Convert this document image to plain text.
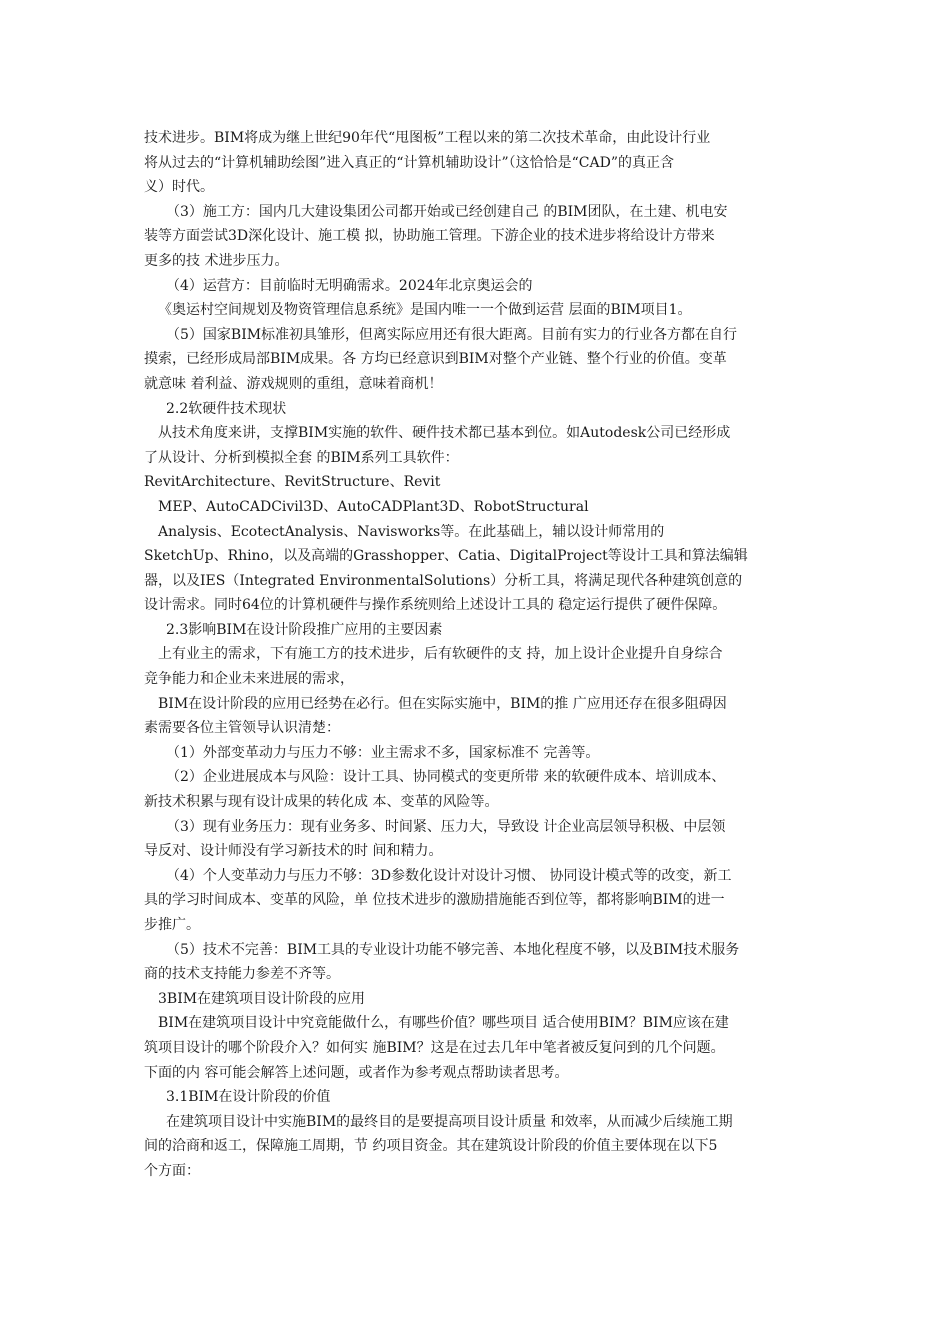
技术进步。BIM将成为继上世纪90年代“甩图板”工程以来的第二次技术革命，由此设计行业
将从过去的“计算机辅助绘图”进入真正的“计算机辅助设计”（这恰恰是“CAD”的真正含
义）时代。
（3）施工方：国内几大建设集团公司都开始或已经创建自己 的BIM团队，在土建、机电安
装等方面尝试3D深化设计、施工模 拟，协助施工管理。下游企业的技术进步将给设计方带来
更多的技 术进步压力。
（4）运营方：目前临时无明确需求。2024年北京奥运会的
《奥运村空间规划及物资管理信息系统》是国内唯一一个做到运营 层面的BIM项目1。
（5）国家BIM标准初具雏形，但离实际应用还有很大距离。目前有实力的行业各方都在自行
摸索，已经形成局部BIM成果。各 方均已经意识到BIM对整个产业链、整个行业的价值。变革
就意味 着利益、游戏规则的重组，意味着商机！
2.2软硬件技术现状
从技术角度来讲，支撑BIM实施的软件、硬件技术都已基本到位。如Autodesk公司已经形成
了从设计、分析到模拟全套 的BIM系列工具软件：
RevitArchitecture、RevitStructure、Revit
MEP、AutoCADCivil3D、AutoCADPlant3D、RobotStructural
Analysis、EcotectAnalysis、Navisworks等。在此基础上，辅以设计师常用的
SketchUp、Rhino，以及高端的Grasshopper、Catia、DigitalProject等设计工具和算法编辑
器，以及IES（Integrated EnvironmentalSolutions）分析工具，将满足现代各种建筑创意的
设计需求。同时64位的计算机硬件与操作系统则给上述设计工具的 稳定运行提供了硬件保障。
2.3影响BIM在设计阶段推广应用的主要因素
上有业主的需求，下有施工方的技术进步，后有软硬件的支 持，加上设计企业提升自身综合
竞争能力和企业未来进展的需求，
BIM在设计阶段的应用已经势在必行。但在实际实施中，BIM的推 广应用还存在很多阻碍因
素需要各位主管领导认识清楚：
（1）外部变革动力与压力不够：业主需求不多，国家标准不 完善等。
（2）企业进展成本与风险：设计工具、协同模式的变更所带 来的软硬件成本、培训成本、
新技术积累与现有设计成果的转化成 本、变革的风险等。
（3）现有业务压力：现有业务多、时间紧、压力大，导致设 计企业高层领导积极、中层领
导反对、设计师没有学习新技术的时 间和精力。
（4）个人变革动力与压力不够：3D参数化设计对设计习惯、 协同设计模式等的改变，新工
具的学习时间成本、变革的风险，单 位技术进步的激励措施能否到位等，都将影响BIM的进一
步推广。
（5）技术不完善：BIM工具的专业设计功能不够完善、本地化程度不够，以及BIM技术服务
商的技术支持能力参差不齐等。
3BIM在建筑项目设计阶段的应用
BIM在建筑项目设计中究竟能做什么，有哪些价值？哪些项目 适合使用BIM？BIM应该在建
筑项目设计的哪个阶段介入？如何实 施BIM？这是在过去几年中笔者被反复问到的几个问题。
下面的内 容可能会解答上述问题，或者作为参考观点帮助读者思考。
3.1BIM在设计阶段的价值
在建筑项目设计中实施BIM的最终目的是要提高项目设计质量 和效率，从而减少后续施工期
间的洽商和返工，保障施工周期，节 约项目资金。其在建筑设计阶段的价值主要体现在以下5
个方面：
